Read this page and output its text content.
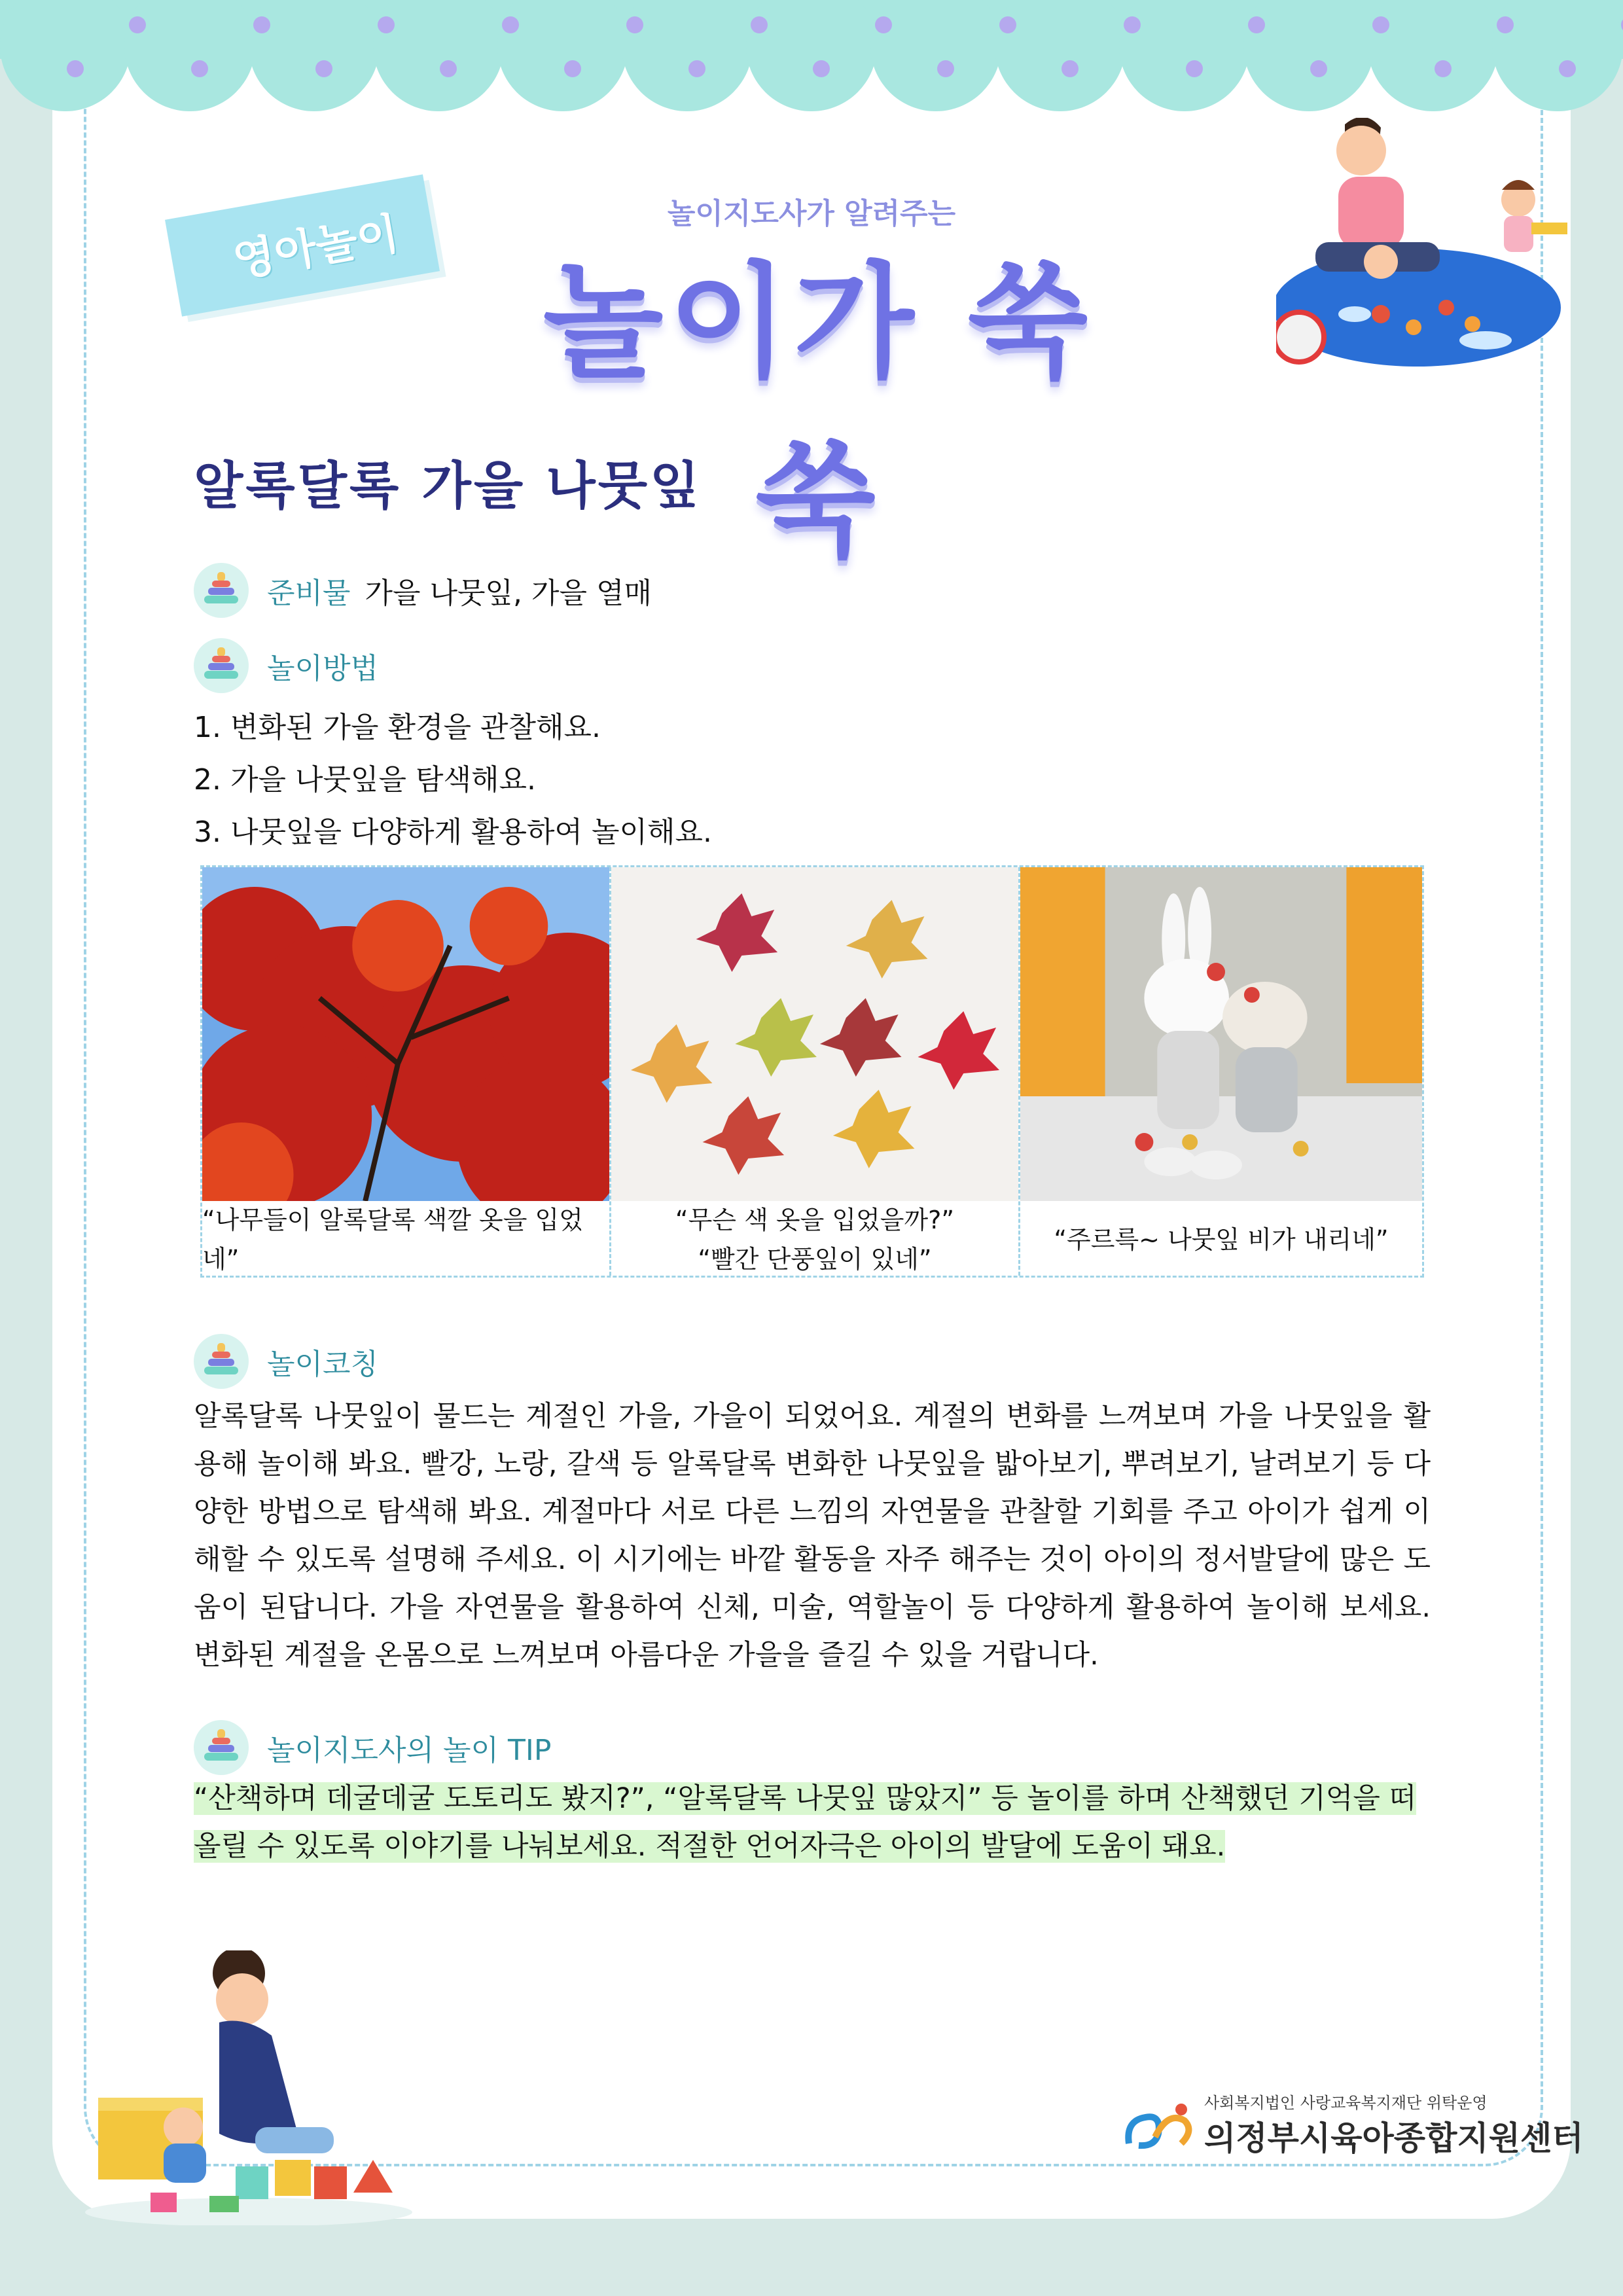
영아놀이	놀이지도사가 알려주는
놀이가 쑥쑥
알록달록 가을 나뭇잎
준비물 가을 나뭇잎, 가을 열매
놀이방법
1. 변화된 가을 환경을 관찰해요.
2. 가을 나뭇잎을 탐색해요.
3. 나뭇잎을 다양하게 활용하여 놀이해요.
“나무들이 알록달록 색깔 옷을 입었네”
“무슨 색 옷을 입었을까?”
“빨간 단풍잎이 있네”
“주르륵~ 나뭇잎 비가 내리네”
놀이코칭
알록달록 나뭇잎이 물드는 계절인 가을, 가을이 되었어요. 계절의 변화를 느껴보며 가을 나뭇잎을 활용해 놀이해 봐요. 빨강, 노랑, 갈색 등 알록달록 변화한 나뭇잎을 밟아보기, 뿌려보기, 날려보기 등 다양한 방법으로 탐색해 봐요. 계절마다 서로 다른 느낌의 자연물을 관찰할 기회를 주고 아이가 쉽게 이해할 수 있도록 설명해 주세요. 이 시기에는 바깥 활동을 자주 해주는 것이 아이의 정서발달에 많은 도움이 된답니다. 가을 자연물을 활용하여 신체, 미술, 역할놀이 등 다양하게 활용하여 놀이해 보세요. 변화된 계절을 온몸으로 느껴보며 아름다운 가을을 즐길 수 있을 거랍니다.
놀이지도사의 놀이 TIP
“산책하며 데굴데굴 도토리도 봤지?”, “알록달록 나뭇잎 많았지” 등 놀이를 하며 산책했던 기억을 떠올릴 수 있도록 이야기를 나눠보세요. 적절한 언어자극은 아이의 발달에 도움이 돼요.
사회복지법인 사랑교육복지재단 위탁운영
의정부시육아종합지원센터
